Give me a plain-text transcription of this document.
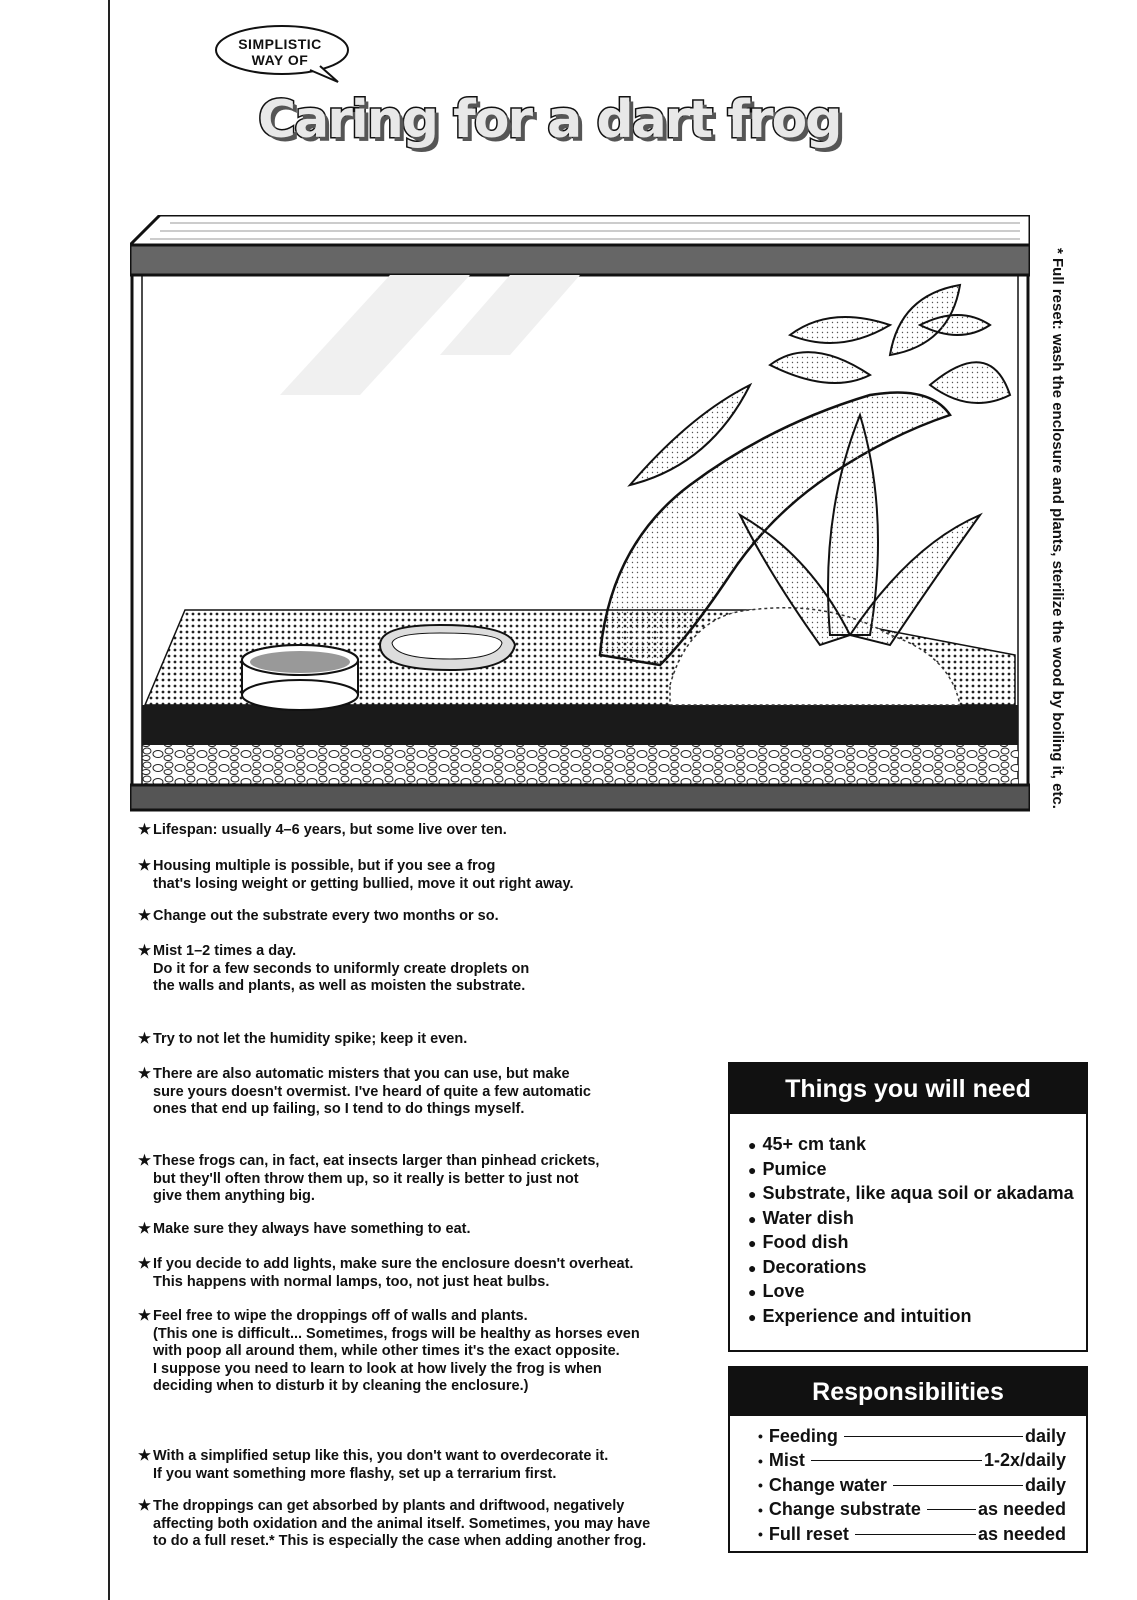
SIMPLISTIC
WAY OF
Caring for a dart frog
* Full reset: wash the enclosure and plants, sterilize the wood by boiling it, etc.
★ Lifespan: usually 4–6 years, but some live over ten.
★ Housing multiple is possible, but if you see a frog
that's losing weight or getting bullied, move it out right away.
★ Change out the substrate every two months or so.
★ Mist 1–2 times a day.
Do it for a few seconds to uniformly create droplets on
the walls and plants, as well as moisten the substrate.
★ Try to not let the humidity spike; keep it even.
★ There are also automatic misters that you can use, but make
sure yours doesn't overmist. I've heard of quite a few automatic
ones that end up failing, so I tend to do things myself.
★ These frogs can, in fact, eat insects larger than pinhead crickets,
but they'll often throw them up, so it really is better to just not
give them anything big.
★ Make sure they always have something to eat.
★ If you decide to add lights, make sure the enclosure doesn't overheat.
This happens with normal lamps, too, not just heat bulbs.
★ Feel free to wipe the droppings off of walls and plants.
(This one is difficult... Sometimes, frogs will be healthy as horses even
with poop all around them, while other times it's the exact opposite.
I suppose you need to learn to look at how lively the frog is when
deciding when to disturb it by cleaning the enclosure.)
★ With a simplified setup like this, you don't want to overdecorate it.
If you want something more flashy, set up a terrarium first.
★ The droppings can get absorbed by plants and driftwood, negatively
affecting both oxidation and the animal itself. Sometimes, you may have
to do a full reset.* This is especially the case when adding another frog.
Things you will need
● 45+ cm tank
● Pumice
● Substrate, like aqua soil or akadama
● Water dish
● Food dish
● Decorations
● Love
● Experience and intuition
Responsibilities
• Feeding	daily
• Mist	1-2x/daily
• Change water	daily
• Change substrate	as needed
• Full reset	as needed
